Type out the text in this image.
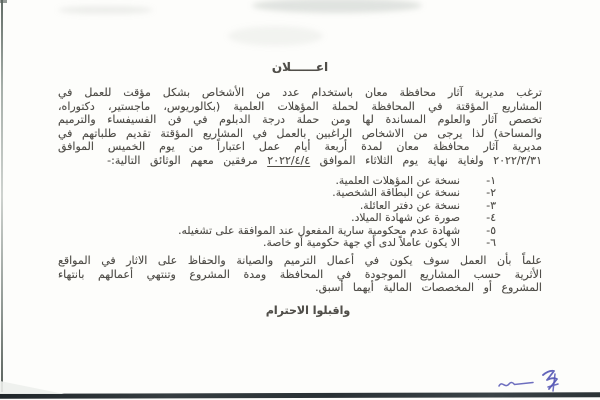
اعــــــلان

ترغب مديرية آثار محافظة معان باستخدام عدد من الأشخاص بشكل مؤقت للعمل في المشاريع المؤقتة في المحافظة لحملة المؤهلات العلمية (بكالوريوس، ماجستير، دكتوراه، تخصص آثار والعلوم المساندة لها ومن حملة درجة الدبلوم في فن الفسيفساء والترميم والمساحة) لذا يرجى من الاشخاص الراغبين بالعمل في المشاريع المؤقتة تقديم طلباتهم في مديرية آثار محافظة معان لمدة أربعة أيام عمل اعتباراً من يوم الخميس الموافق ٢٠٢٢/٣/٣١ ولغاية نهاية يوم الثلاثاء الموافق ٢٠٢٢/٤/٤ مرفقين معهم الوثائق التالية:-

١-
نسخة عن المؤهلات العلمية.
٢-
نسخة عن البطاقة الشخصية.
٣-
نسخة عن دفتر العائلة.
٤-
صورة عن شهادة الميلاد.
٥-
شهادة عدم محكومية سارية المفعول عند الموافقة على تشغيله.
٦-
الا يكون عاملاً لدى أي جهة حكومية أو خاصة.

علماً بأن العمل سوف يكون في أعمال الترميم والصيانة والحفاظ على الاثار في المواقع الأثرية حسب المشاريع الموجودة في المحافظة ومدة المشروع وتنتهي أعمالهم بانتهاء المشروع أو المخصصات المالية أيهما أسبق.

واقبلوا الاحترام
